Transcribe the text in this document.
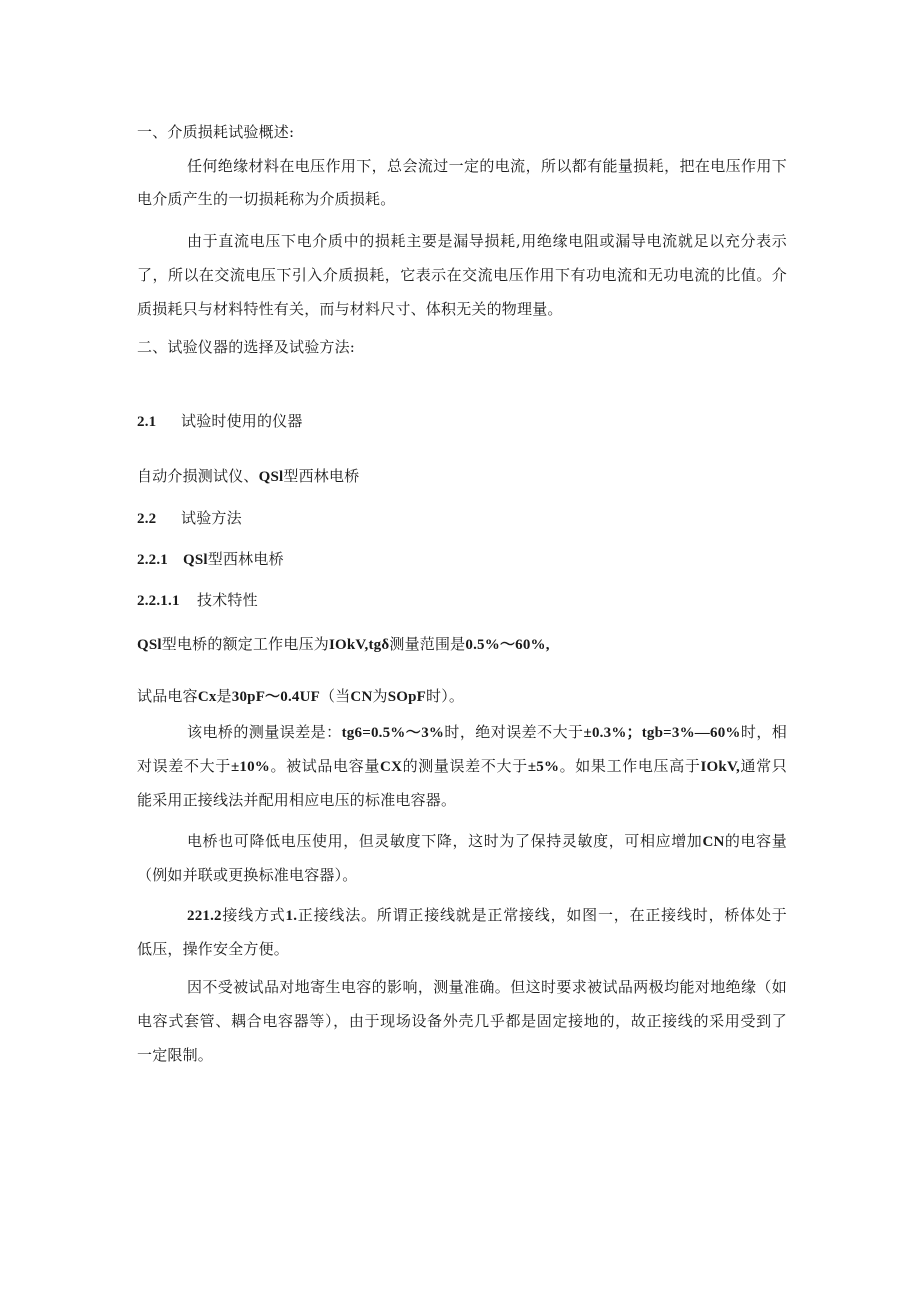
一、介质损耗试验概述:
任何绝缘材料在电压作用下，总会流过一定的电流，所以都有能量损耗，把在电压作用下
电介质产生的一切损耗称为介质损耗。
由于直流电压下电介质中的损耗主要是漏导损耗,用绝缘电阻或漏导电流就足以充分表示
了，所以在交流电压下引入介质损耗，它表示在交流电压作用下有功电流和无功电流的比值。介
质损耗只与材料特性有关，而与材料尺寸、体积无关的物理量。
二、试验仪器的选择及试验方法:
2.1 试验时使用的仪器
自动介损测试仪、QSl型西林电桥
2.2 试验方法
2.2.1 QSl型西林电桥
2.2.1.1 技术特性
QSl型电桥的额定工作电压为IOkV,tgδ测量范围是0.5%～60%,
试品电容Cx是30pF～0.4UF（当CN为SOpF时）。
该电桥的测量误差是：tg6=0.5%～3%时，绝对误差不大于±0.3%；tgb=3%—60%时，相
对误差不大于±10%。被试品电容量CX的测量误差不大于±5%。如果工作电压高于IOkV,通常只
能采用正接线法并配用相应电压的标准电容器。
电桥也可降低电压使用，但灵敏度下降，这时为了保持灵敏度，可相应增加CN的电容量
（例如并联或更换标准电容器）。
221.2接线方式1.正接线法。所谓正接线就是正常接线，如图一，在正接线时，桥体处于
低压，操作安全方便。
因不受被试品对地寄生电容的影响，测量准确。但这时要求被试品两极均能对地绝缘（如
电容式套管、耦合电容器等），由于现场设备外壳几乎都是固定接地的，故正接线的采用受到了
一定限制。
